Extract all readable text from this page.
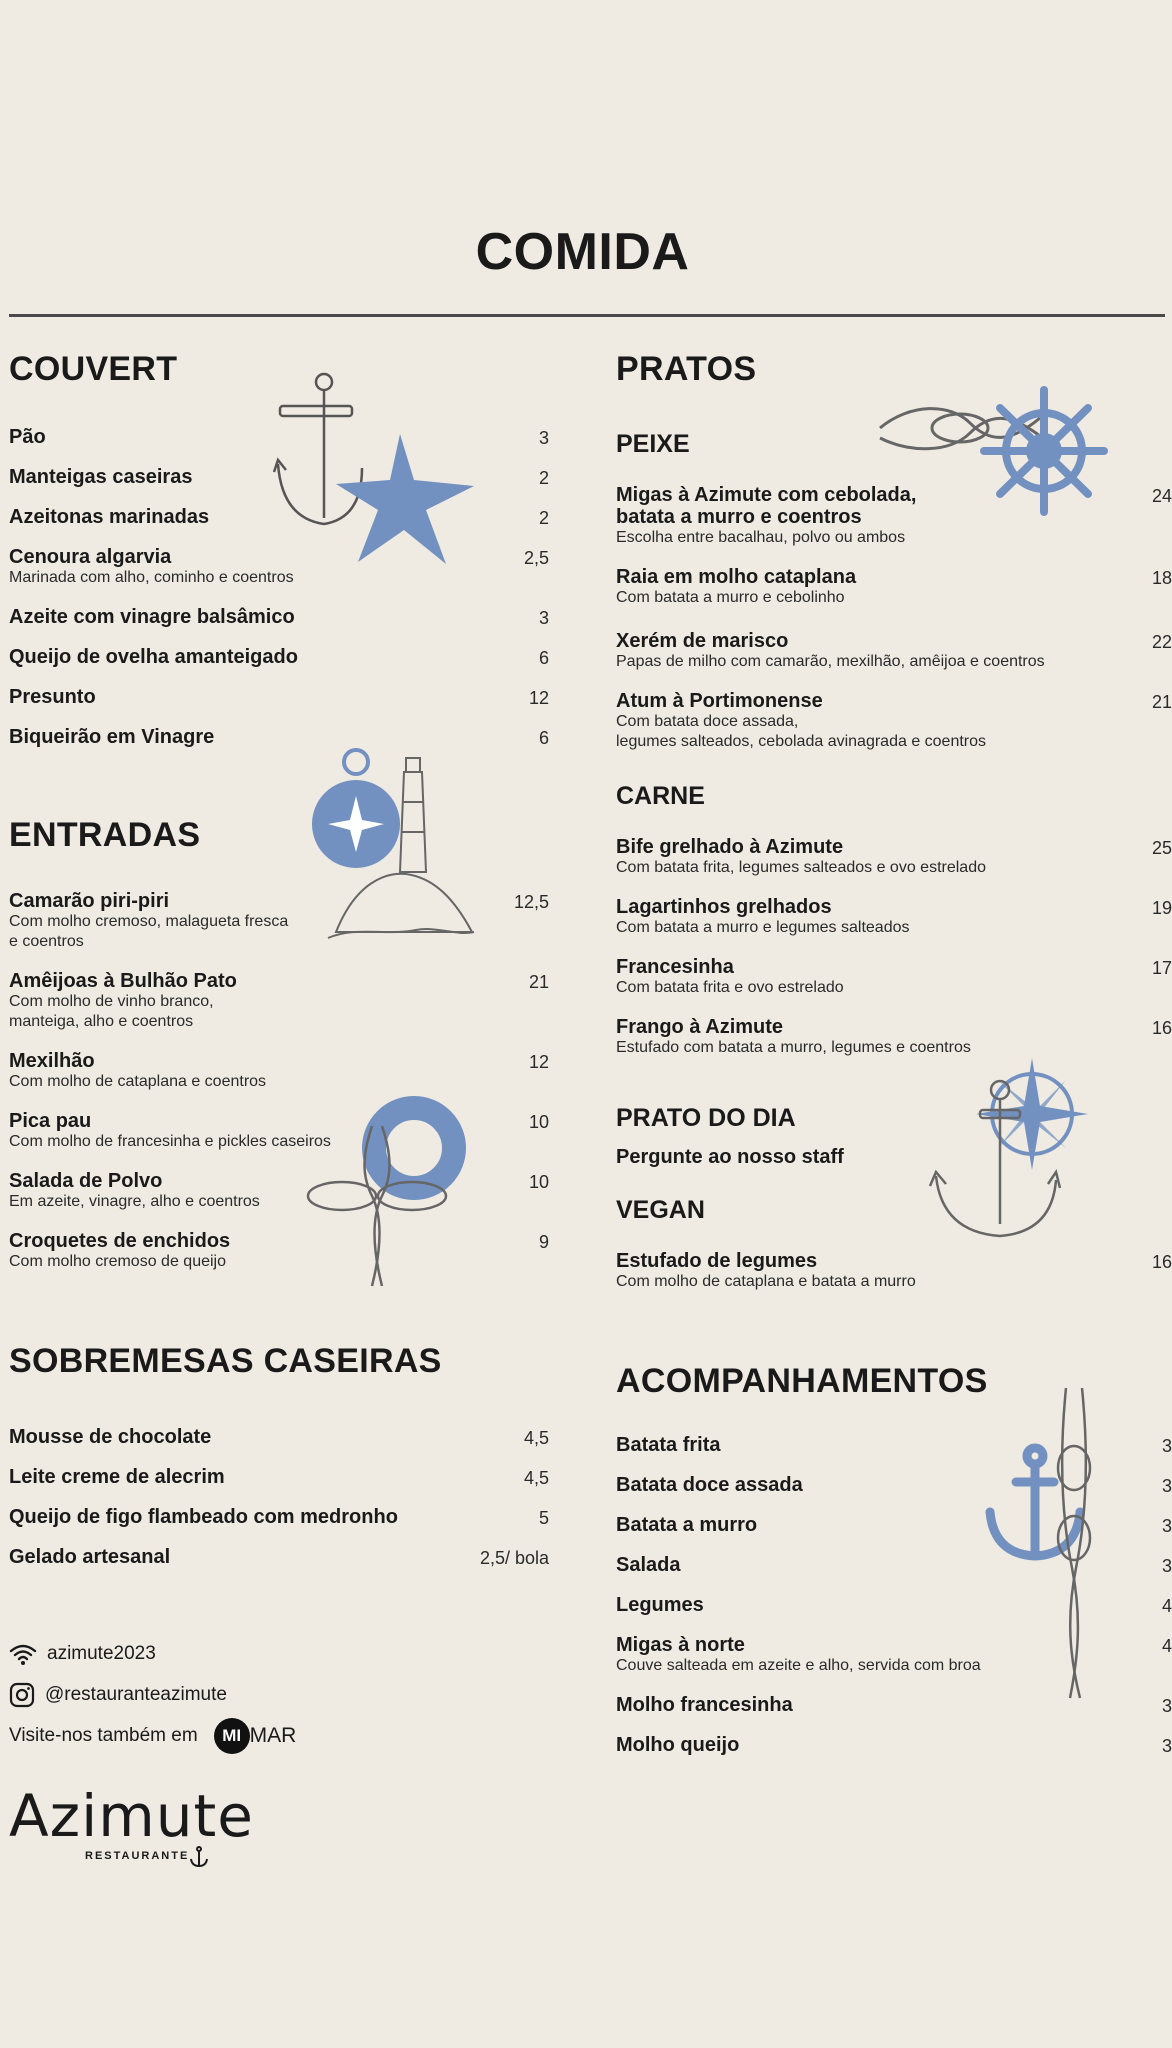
COMIDA
COUVERT
Pão	3
Manteigas caseiras	2
Azeitonas marinadas	2
Cenoura algarvia
Marinada com alho, cominho e coentros
2,5
Azeite com vinagre balsâmico	3
Queijo de ovelha amanteigado	6
Presunto	12
Biqueirão em Vinagre	6
ENTRADAS
Camarão piri-piri
Com molho cremoso, malagueta fresca
e coentros
12,5
Amêijoas à Bulhão Pato
Com molho de vinho branco,
manteiga, alho e coentros
21
Mexilhão
Com molho de cataplana e coentros
12
Pica pau
Com molho de francesinha e pickles caseiros
10
Salada de Polvo
Em azeite, vinagre, alho e coentros
10
Croquetes de enchidos
Com molho cremoso de queijo
9
SOBREMESAS CASEIRAS
Mousse de chocolate	4,5
Leite creme de alecrim	4,5
Queijo de figo flambeado com medronho	5
Gelado artesanal	2,5/ bola
PRATOS
PEIXE
Migas à Azimute com cebolada,
batata a murro e coentros
Escolha entre bacalhau, polvo ou ambos
24
Raia em molho cataplana
Com batata a murro e cebolinho
18
Xerém de marisco
Papas de milho com camarão, mexilhão, amêijoa e coentros
22
Atum à Portimonense
Com batata doce assada,
legumes salteados, cebolada avinagrada e coentros
21
CARNE
Bife grelhado à Azimute
Com batata frita, legumes salteados e ovo estrelado
25
Lagartinhos grelhados
Com batata a murro e legumes salteados
19
Francesinha
Com batata frita e ovo estrelado
17
Frango à Azimute
Estufado com batata a murro, legumes e coentros
16
PRATO DO DIA
Pergunte ao nosso staff
VEGAN
Estufado de legumes
Com molho de cataplana e batata a murro
16
ACOMPANHAMENTOS
Batata frita	3
Batata doce assada	3
Batata a murro	3
Salada	3
Legumes	4
Migas à norte
Couve salteada em azeite e alho, servida com broa
4
Molho francesinha	3
Molho queijo	3
azimute2023
@restauranteazimute
Visite-nos também em	MI MAR
Azimute
RESTAURANTE
